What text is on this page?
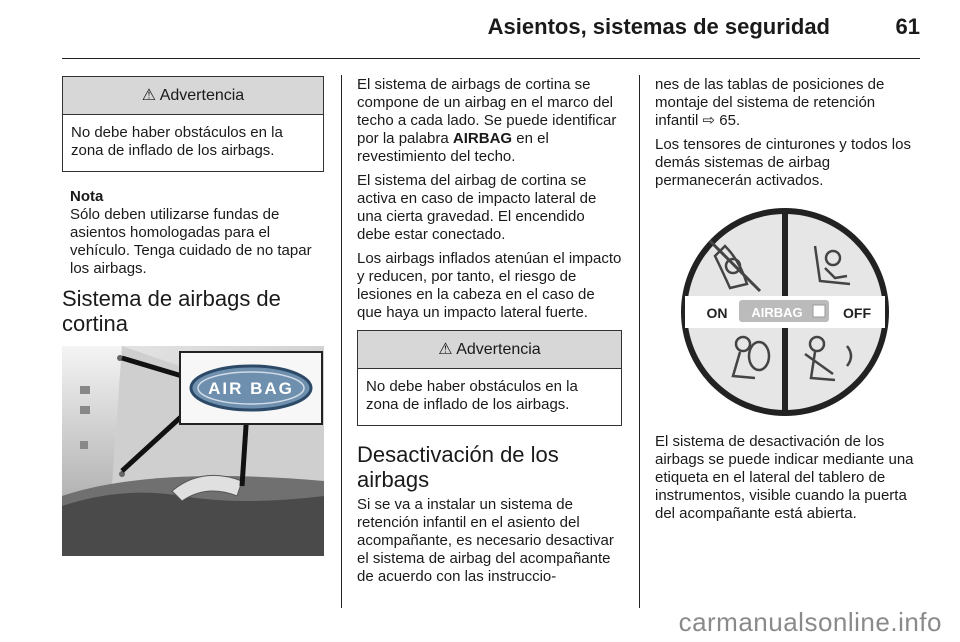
Asientos, sistemas de seguridad	61
⚠ Advertencia
No debe haber obstáculos en la zona de inflado de los airbags.
Nota
Sólo deben utilizarse fundas de asientos homologadas para el vehículo. Tenga cuidado de no tapar los airbags.
Sistema de airbags de cortina
AIR BAG

El sistema de airbags de cortina se compone de un airbag en el marco del techo a cada lado. Se puede identificar por la palabra AIRBAG en el revestimiento del techo.

El sistema del airbag de cortina se activa en caso de impacto lateral de una cierta gravedad. El encendido debe estar conectado.

Los airbags inflados atenúan el impacto y reducen, por tanto, el riesgo de lesiones en la cabeza en el caso de que haya un impacto lateral fuerte.

⚠ Advertencia
No debe haber obstáculos en la zona de inflado de los airbags.
Desactivación de los airbags

Si se va a instalar un sistema de retención infantil en el asiento del acompañante, es necesario desactivar el sistema de airbag del acompañante de acuerdo con las instruccio-

nes de las tablas de posiciones de montaje del sistema de retención infantil ⇨ 65.

Los tensores de cinturones y todos los demás sistemas de airbag permanecerán activados.

ON AIRBAG	OFF

El sistema de desactivación de los airbags se puede indicar mediante una etiqueta en el lateral del tablero de instrumentos, visible cuando la puerta del acompañante está abierta.

carmanualsonline.info
